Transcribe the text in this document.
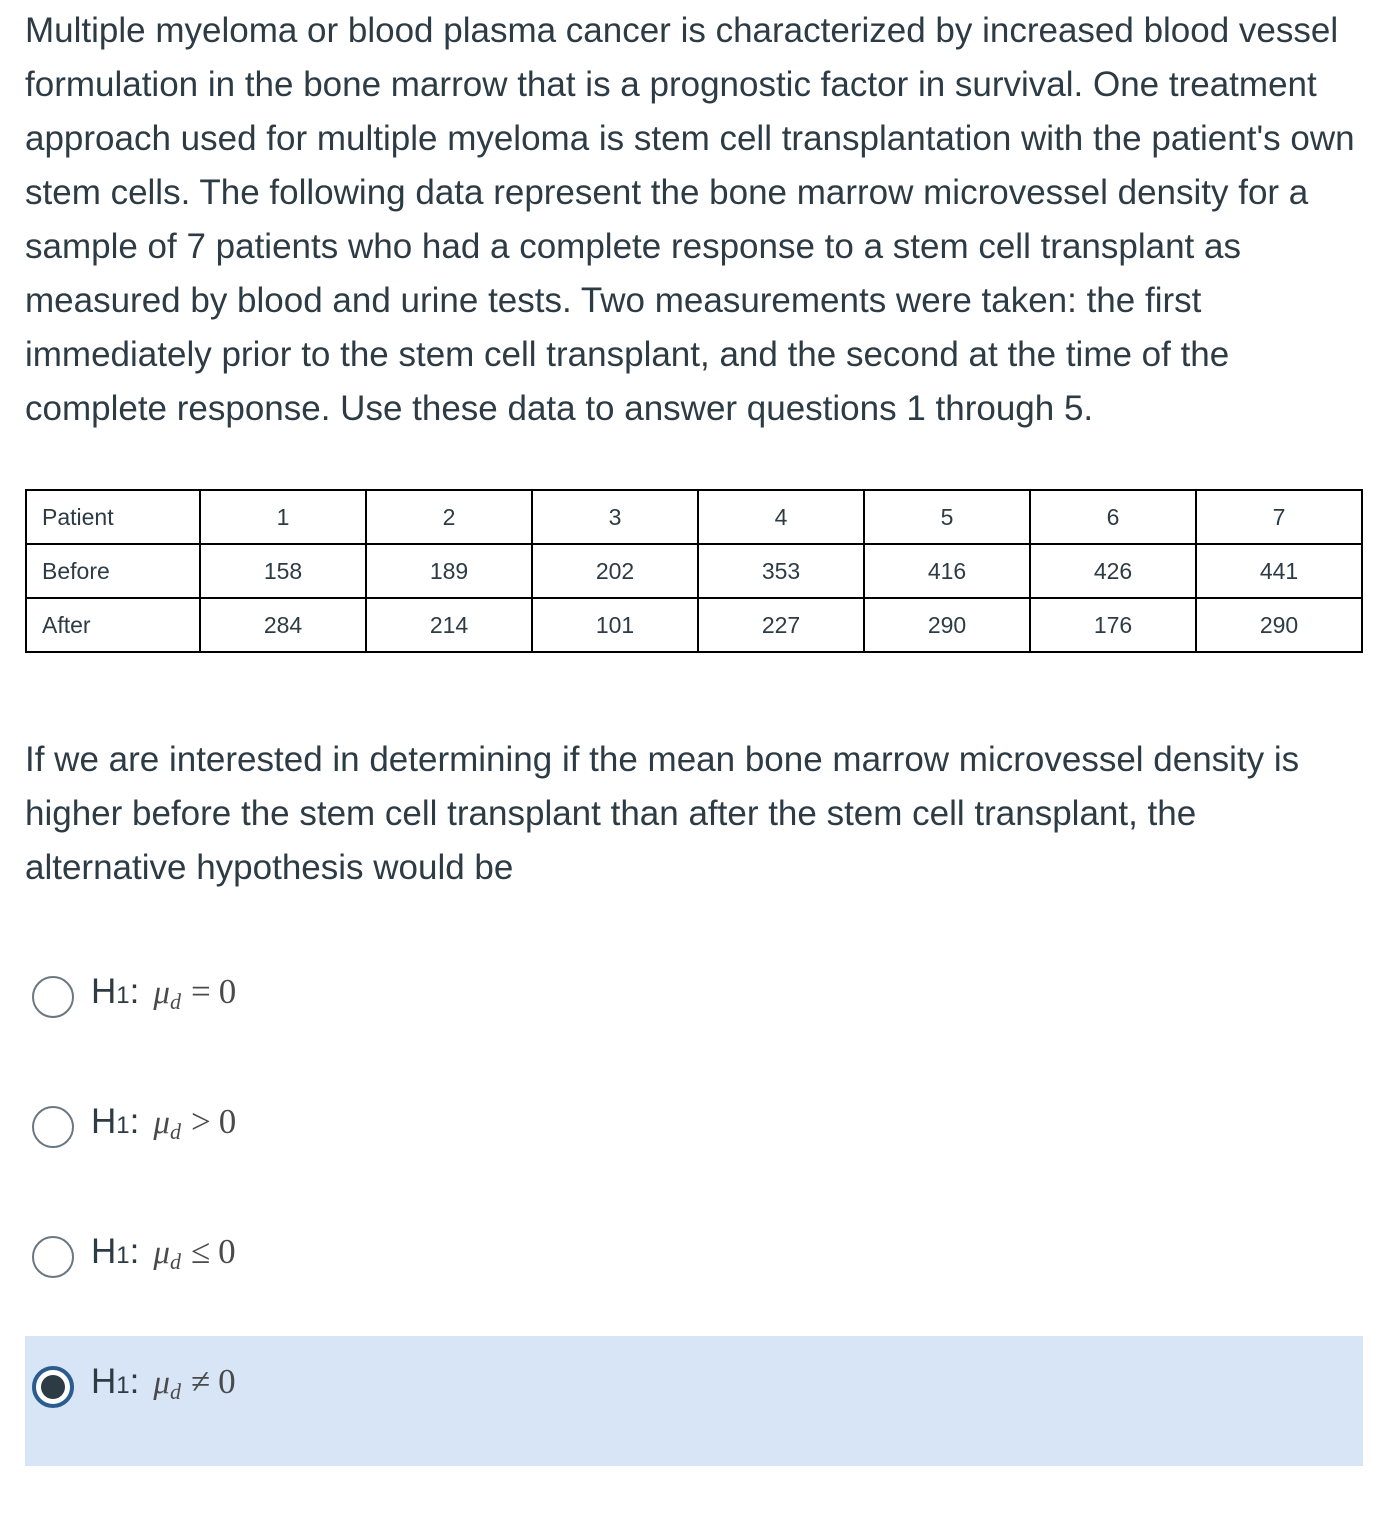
Multiple myeloma or blood plasma cancer is characterized by increased blood vessel formulation in the bone marrow that is a prognostic factor in survival. One treatment approach used for multiple myeloma is stem cell transplantation with the patient's own stem cells. The following data represent the bone marrow microvessel density for a sample of 7 patients who had a complete response to a stem cell transplant as measured by blood and urine tests. Two measurements were taken: the first immediately prior to the stem cell transplant, and the second at the time of the complete response. Use these data to answer questions 1 through 5.

Patient	1	2	3	4	5	6	7
Before	158	189	202	353	416	426	441
After	284	214	101	227	290	176	290

If we are interested in determining if the mean bone marrow microvessel density is higher before the stem cell transplant than after the stem cell transplant, the alternative hypothesis would be

H 1 : $\mu_d = 0$
H 1 : $\mu_d > 0$
H 1 : $\mu_d \le 0$
H 1 : $\mu_d \ne 0$
